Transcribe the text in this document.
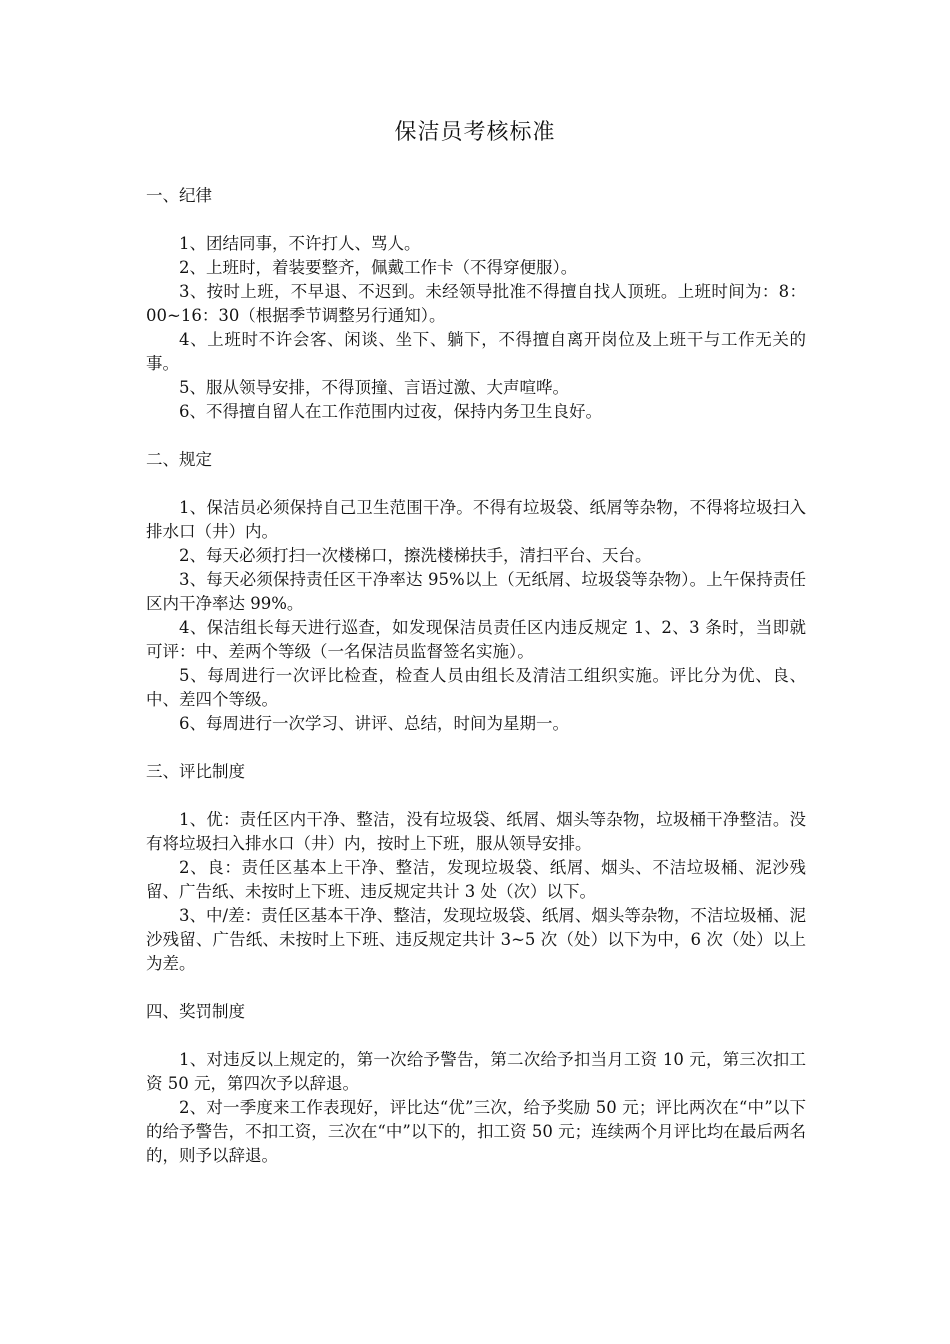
保洁员考核标准
一、纪律

1、团结同事，不许打人、骂人。

2、上班时，着装要整齐，佩戴工作卡（不得穿便服）。

3、按时上班，不早退、不迟到。未经领导批准不得擅自找人顶班。上班时间为：8：00~16：30（根据季节调整另行通知）。

4、上班时不许会客、闲谈、坐下、躺下，不得擅自离开岗位及上班干与工作无关的事。

5、服从领导安排，不得顶撞、言语过激、大声喧哗。

6、不得擅自留人在工作范围内过夜，保持内务卫生良好。

二、规定

1、保洁员必须保持自己卫生范围干净。不得有垃圾袋、纸屑等杂物，不得将垃圾扫入排水口（井）内。

2、每天必须打扫一次楼梯口，擦洗楼梯扶手，清扫平台、天台。

3、每天必须保持责任区干净率达 95%以上（无纸屑、垃圾袋等杂物）。上午保持责任区内干净率达 99%。

4、保洁组长每天进行巡查，如发现保洁员责任区内违反规定 1、2、3 条时，当即就可评：中、差两个等级（一名保洁员监督签名实施）。

5、每周进行一次评比检查，检查人员由组长及清洁工组织实施。评比分为优、良、中、差四个等级。

6、每周进行一次学习、讲评、总结，时间为星期一。

三、评比制度

1、优：责任区内干净、整洁，没有垃圾袋、纸屑、烟头等杂物，垃圾桶干净整洁。没有将垃圾扫入排水口（井）内，按时上下班，服从领导安排。

2、良：责任区基本上干净、整洁，发现垃圾袋、纸屑、烟头、不洁垃圾桶、泥沙残留、广告纸、未按时上下班、违反规定共计 3 处（次）以下。

3、中/差：责任区基本干净、整洁，发现垃圾袋、纸屑、烟头等杂物，不洁垃圾桶、泥沙残留、广告纸、未按时上下班、违反规定共计 3~5 次（处）以下为中，6 次（处）以上为差。

四、奖罚制度

1、对违反以上规定的，第一次给予警告，第二次给予扣当月工资 10 元，第三次扣工资 50 元，第四次予以辞退。

2、对一季度来工作表现好，评比达“优”三次，给予奖励 50 元；评比两次在“中”以下的给予警告，不扣工资，三次在“中”以下的，扣工资 50 元；连续两个月评比均在最后两名的，则予以辞退。
